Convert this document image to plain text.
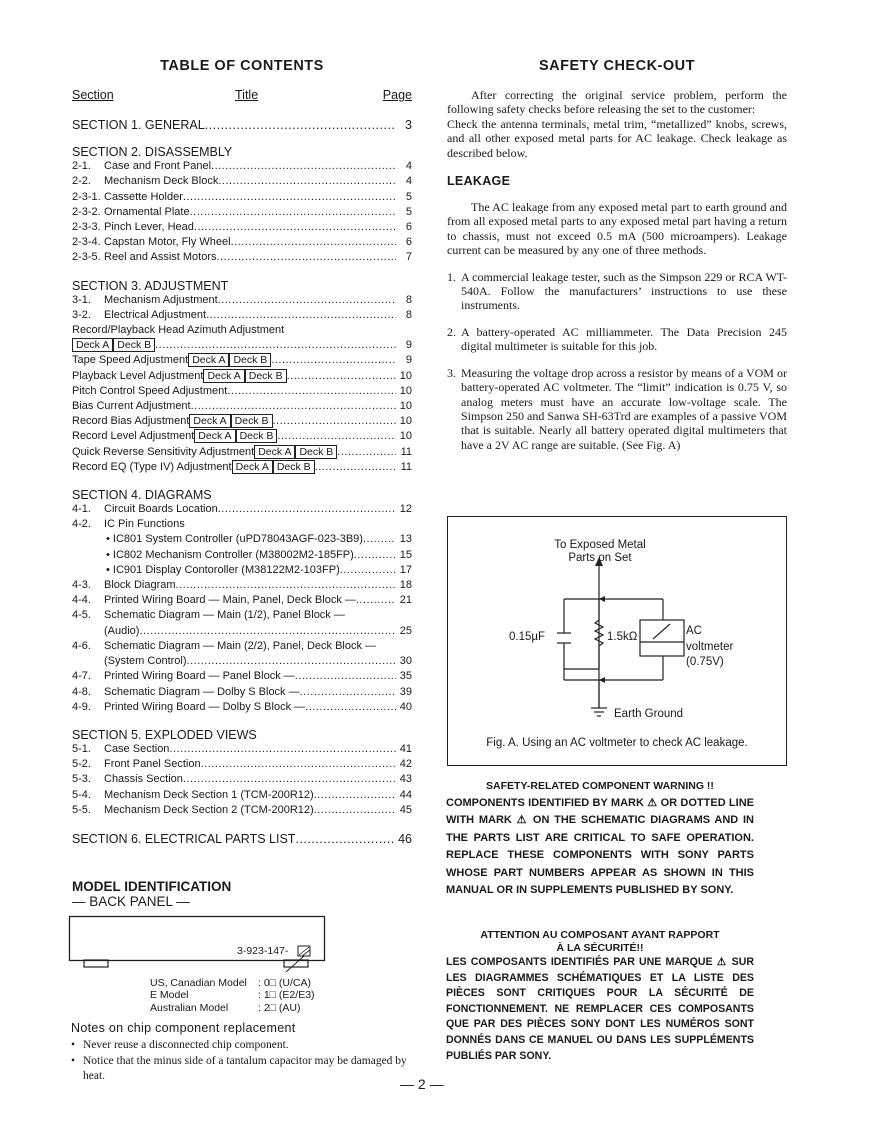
TABLE OF CONTENTS
Section	Title	Page
SECTION 1. GENERAL .....	3
SECTION 2. DISASSEMBLY
2-1.	Case and Front Panel .....	4
2-2.	Mechanism Deck Block .....	4
2-3-1. Cassette Holder .....	5
2-3-2. Ornamental Plate .....	5
2-3-3. Pinch Lever, Head .....	6
2-3-4. Capstan Motor, Fly Wheel .....	6
2-3-5. Reel and Assist Motors .....	7
SECTION 3. ADJUSTMENT
3-1.	Mechanism Adjustment .....	8
3-2.	Electrical Adjustment .....	8
Record/Playback Head Azimuth Adjustment
Deck A Deck B .....	9
Tape Speed Adjustment Deck A Deck B .....	9
Playback Level Adjustment Deck A Deck B .....	10
Pitch Control Speed Adjustment .....	10
Bias Current Adjustment .....	10
Record Bias Adjustment Deck A Deck B .....	10
Record Level Adjustment Deck A Deck B .....	10
Quick Reverse Sensitivity Adjustment Deck A Deck B .....	11
Record EQ (Type IV) Adjustment Deck A Deck B .....	11
SECTION 4. DIAGRAMS
4-1.	Circuit Boards Location .....	12
4-2.	IC Pin Functions
• IC801 System Controller (uPD78043AGF-023-3B9) .....	13
• IC802 Mechanism Controller (M38002M2-185FP) .....	15
• IC901 Display Contoroller (M38122M2-103FP) .....	17
4-3.	Block Diagram .....	18
4-4.	Printed Wiring Board — Main, Panel, Deck Block — .....	21
4-5.	Schematic Diagram — Main (1/2), Panel Block —
(Audio) .....	25
4-6.	Schematic Diagram — Main (2/2), Panel, Deck Block —
(System Control) .....	30
4-7.	Printed Wiring Board — Panel Block — .....	35
4-8.	Schematic Diagram — Dolby S Block — .....	39
4-9.	Printed Wiring Board — Dolby S Block — .....	40
SECTION 5. EXPLODED VIEWS
5-1.	Case Section .....	41
5-2.	Front Panel Section .....	42
5-3.	Chassis Section .....	43
5-4.	Mechanism Deck Section 1 (TCM-200R12) .....	44
5-5.	Mechanism Deck Section 2 (TCM-200R12) .....	45
SECTION 6. ELECTRICAL PARTS LIST .....	46
MODEL IDENTIFICATION
— BACK PANEL —
3-923-147-
US, Canadian Model	: 0□ (U/CA)
E Model	: 1□ (E2/E3)
Australian Model	: 2□ (AU)
Notes on chip component replacement
• Never reuse a disconnected chip component.
• Notice that the minus side of a tantalum capacitor may be damaged by heat.
— 2 —
SAFETY CHECK-OUT

After correcting the original service problem, perform the following safety checks before releasing the set to the customer:

Check the antenna terminals, metal trim, “metallized” knobs, screws, and all other exposed metal parts for AC leakage. Check leakage as described below.

LEAKAGE

The AC leakage from any exposed metal part to earth ground and from all exposed metal parts to any exposed metal part having a return to chassis, must not exceed 0.5 mA (500 microampers). Leakage current can be measured by any one of three methods.

1. A commercial leakage tester, such as the Simpson 229 or RCA WT-540A. Follow the manufacturers’ instructions to use these instruments.
2. A battery-operated AC milliammeter. The Data Precision 245 digital multimeter is suitable for this job.
3. Measuring the voltage drop across a resistor by means of a VOM or battery-operated AC voltmeter. The “limit” indication is 0.75 V, so analog meters must have an accurate low-voltage scale. The Simpson 250 and Sanwa SH-63Trd are examples of a passive VOM that is suitable. Nearly all battery operated digital multimeters that have a 2V AC range are suitable. (See Fig. A)
To Exposed Metal
Parts on Set
0.15µF	1.5kΩ	AC
voltmeter
(0.75V)
Earth Ground
Fig. A. Using an AC voltmeter to check AC leakage.
SAFETY-RELATED COMPONENT WARNING !!
COMPONENTS IDENTIFIED BY MARK ⚠ OR DOTTED LINE WITH MARK ⚠ ON THE SCHEMATIC DIAGRAMS AND IN THE PARTS LIST ARE CRITICAL TO SAFE OPERATION. REPLACE THESE COMPONENTS WITH SONY PARTS WHOSE PART NUMBERS APPEAR AS SHOWN IN THIS MANUAL OR IN SUPPLEMENTS PUBLISHED BY SONY.
ATTENTION AU COMPOSANT AYANT RAPPORT
À LA SÉCURITÉ!!
LES COMPOSANTS IDENTIFIÉS PAR UNE MARQUE ⚠ SUR LES DIAGRAMMES SCHÉMATIQUES ET LA LISTE DES PIÈCES SONT CRITIQUES POUR LA SÉCURITÉ DE FONCTIONNEMENT. NE REMPLACER CES COMPOSANTS QUE PAR DES PIÈCES SONY DONT LES NUMÉROS SONT DONNÉS DANS CE MANUEL OU DANS LES SUPPLÉMENTS PUBLIÉS PAR SONY.
